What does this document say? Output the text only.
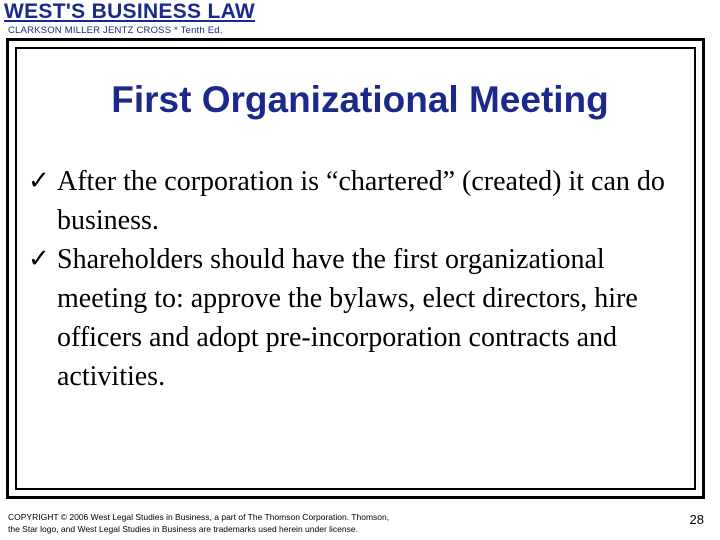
WEST'S BUSINESS LAW
CLARKSON MILLER JENTZ CROSS * Tenth Ed.
First Organizational Meeting
✓ After the corporation is “chartered” (created) it can do business.
✓ Shareholders should have the first organizational meeting to: approve the bylaws, elect directors, hire officers and adopt pre-incorporation contracts and activities.
COPYRIGHT © 2006 West Legal Studies in Business, a part of The Thomson Corporation. Thomson,
the Star logo, and West Legal Studies in Business are trademarks used herein under license.
28
